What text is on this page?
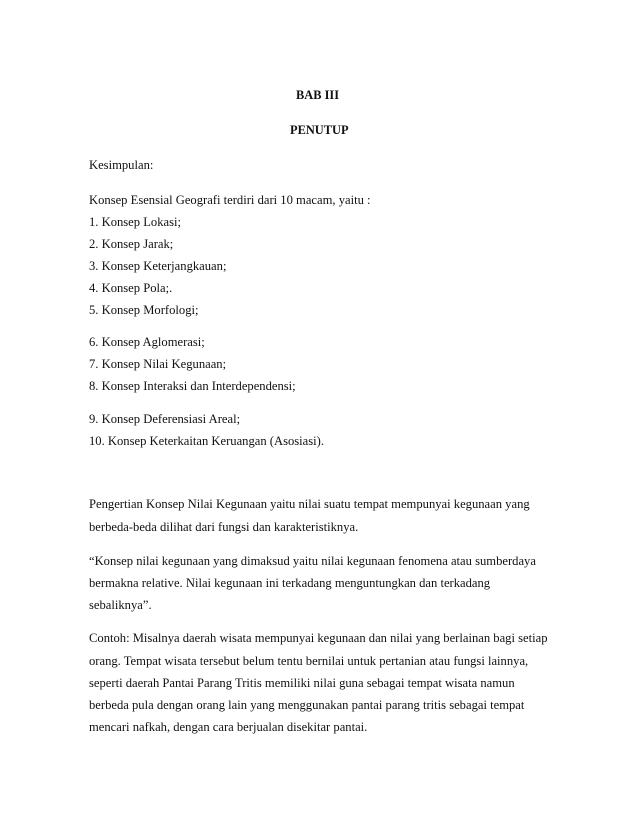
BAB III
PENUTUP
Kesimpulan:
Konsep Esensial Geografi terdiri dari 10 macam, yaitu :
1. Konsep Lokasi;
2. Konsep Jarak;
3. Konsep Keterjangkauan;
4. Konsep Pola;.
5. Konsep Morfologi;
6. Konsep Aglomerasi;
7. Konsep Nilai Kegunaan;
8. Konsep Interaksi dan Interdependensi;
9. Konsep Deferensiasi Areal;
10. Konsep Keterkaitan Keruangan (Asosiasi).
Pengertian Konsep Nilai Kegunaan yaitu nilai suatu tempat mempunyai kegunaan yang
berbeda-beda dilihat dari fungsi dan karakteristiknya.
“Konsep nilai kegunaan yang dimaksud yaitu nilai kegunaan fenomena atau sumberdaya
bermakna relative. Nilai kegunaan ini terkadang menguntungkan dan terkadang
sebaliknya”.
Contoh: Misalnya daerah wisata mempunyai kegunaan dan nilai yang berlainan bagi setiap
orang. Tempat wisata tersebut belum tentu bernilai untuk pertanian atau fungsi lainnya,
seperti daerah Pantai Parang Tritis memiliki nilai guna sebagai tempat wisata namun
berbeda pula dengan orang lain yang menggunakan pantai parang tritis sebagai tempat
mencari nafkah, dengan cara berjualan disekitar pantai.
